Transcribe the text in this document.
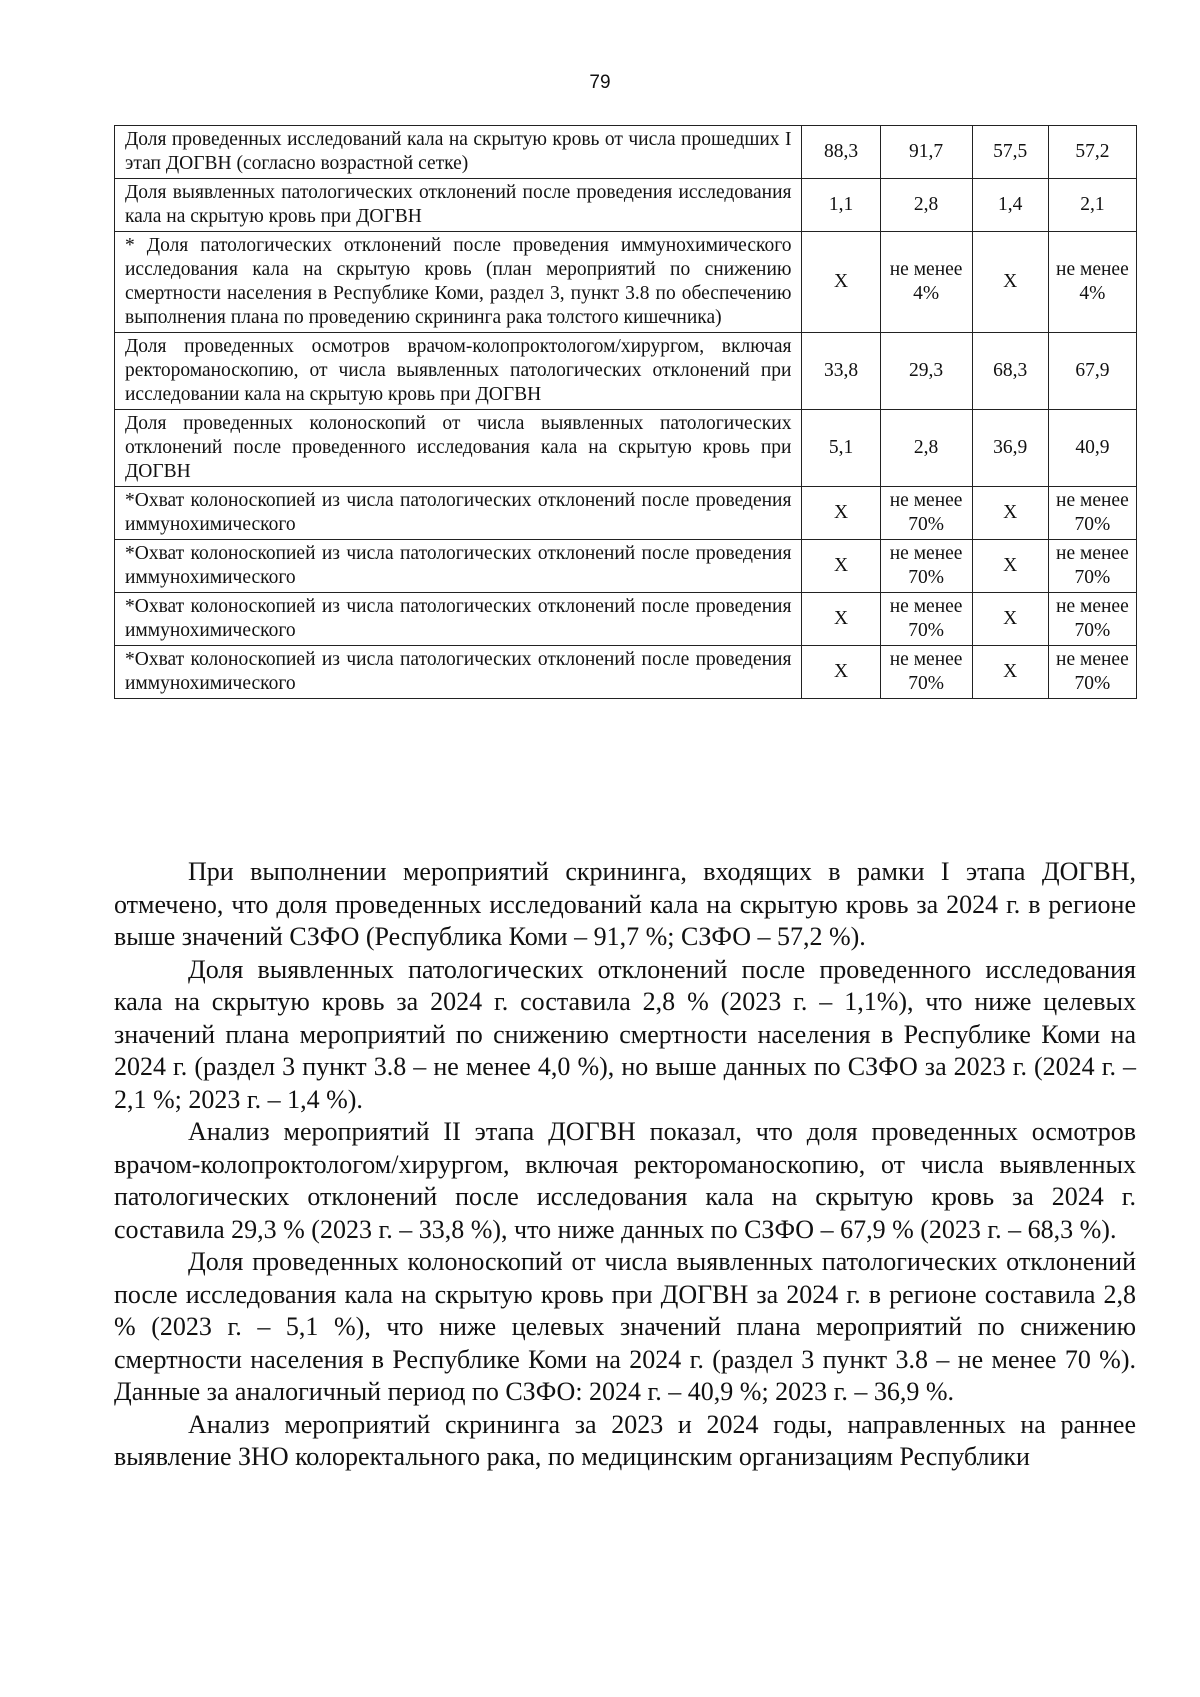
79
Доля проведенных исследований кала на скрытую кровь от числа прошедших I этап ДОГВН (согласно возрастной сетке)	88,3	91,7	57,5	57,2
Доля выявленных патологических отклонений после проведения исследования кала на скрытую кровь при ДОГВН	1,1	2,8	1,4	2,1
* Доля патологических отклонений после проведения иммунохимического исследования кала на скрытую кровь (план мероприятий по снижению смертности населения в Республике Коми, раздел 3, пункт 3.8 по обеспечению выполнения плана по проведению скрининга рака толстого кишечника)	Х	не менее 4%	Х	не менее 4%
Доля проведенных осмотров врачом-колопроктологом/хирургом, включая ректороманоскопию, от числа выявленных патологических отклонений при исследовании кала на скрытую кровь при ДОГВН	33,8	29,3	68,3	67,9
Доля проведенных колоноскопий от числа выявленных патологических отклонений после проведенного исследования кала на скрытую кровь при ДОГВН	5,1	2,8	36,9	40,9
*Охват колоноскопией из числа патологических отклонений после проведения иммунохимического	Х	не менее 70%	Х	не менее 70%
*Охват колоноскопией из числа патологических отклонений после проведения иммунохимического	Х	не менее 70%	Х	не менее 70%
*Охват колоноскопией из числа патологических отклонений после проведения иммунохимического	Х	не менее 70%	Х	не менее 70%
*Охват колоноскопией из числа патологических отклонений после проведения иммунохимического	Х	не менее 70%	Х	не менее 70%

При выполнении мероприятий скрининга, входящих в рамки I этапа ДОГВН, отмечено, что доля проведенных исследований кала на скрытую кровь за 2024 г. в регионе выше значений СЗФО (Республика Коми – 91,7 %; СЗФО – 57,2 %).

Доля выявленных патологических отклонений после проведенного исследования кала на скрытую кровь за 2024 г. составила 2,8 % (2023 г. – 1,1%), что ниже целевых значений плана мероприятий по снижению смертности населения в Республике Коми на 2024 г. (раздел 3 пункт 3.8 – не менее 4,0 %), но выше данных по СЗФО за 2023 г. (2024 г. – 2,1 %; 2023 г. – 1,4 %).

Анализ мероприятий II этапа ДОГВН показал, что доля проведенных осмотров врачом-колопроктологом/хирургом, включая ректороманоскопию, от числа выявленных патологических отклонений после исследования кала на скрытую кровь за 2024 г. составила 29,3 % (2023 г. – 33,8 %), что ниже данных по СЗФО – 67,9 % (2023 г. – 68,3 %).

Доля проведенных колоноскопий от числа выявленных патологических отклонений после исследования кала на скрытую кровь при ДОГВН за 2024 г. в регионе составила 2,8 % (2023 г. – 5,1 %), что ниже целевых значений плана мероприятий по снижению смертности населения в Республике Коми на 2024 г. (раздел 3 пункт 3.8 – не менее 70 %). Данные за аналогичный период по СЗФО: 2024 г. – 40,9 %; 2023 г. – 36,9 %.

Анализ мероприятий скрининга за 2023 и 2024 годы, направленных на раннее выявление ЗНО колоректального рака, по медицинским организациям Республики
